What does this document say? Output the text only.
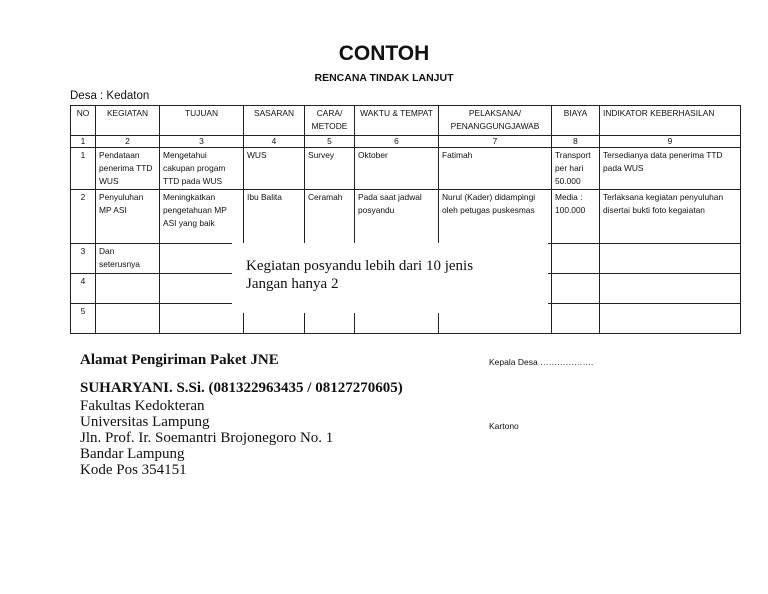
CONTOH
RENCANA TINDAK LANJUT
Desa : Kedaton
NO	KEGIATAN	TUJUAN	SASARAN	CARA/ METODE	WAKTU & TEMPAT	PELAKSANA/ PENANGGUNGJAWAB	BIAYA	INDIKATOR KEBERHASILAN
1	2	3	4	5	6	7	8	9
1	Pendataan penerima TTD WUS	Mengetahui cakupan progam TTD pada WUS	WUS	Survey	Oktober	Fatimah	Transport per hari 50.000	Tersedianya data penerima TTD pada WUS
2	Penyuluhan MP ASI	Meningkatkan pengetahuan MP ASI yang baik	Ibu Balita	Ceramah	Pada saat jadwal posyandu	Nurul (Kader) didampingi oleh petugas puskesmas	Media : 100.000	Terlaksana kegiatan penyuluhan disertai bukti foto kegaiatan
3	Dan seterusnya							
4								
5								
Kegiatan posyandu lebih dari 10 jenis
Jangan hanya 2
Alamat Pengiriman Paket JNE
SUHARYANI. S.Si. (081322963435 / 08127270605)
Fakultas Kedokteran
Universitas Lampung
Jln. Prof. Ir. Soemantri Brojonegoro No. 1
Bandar Lampung
Kode Pos 354151
Kepala Desa ……………….
Kartono
